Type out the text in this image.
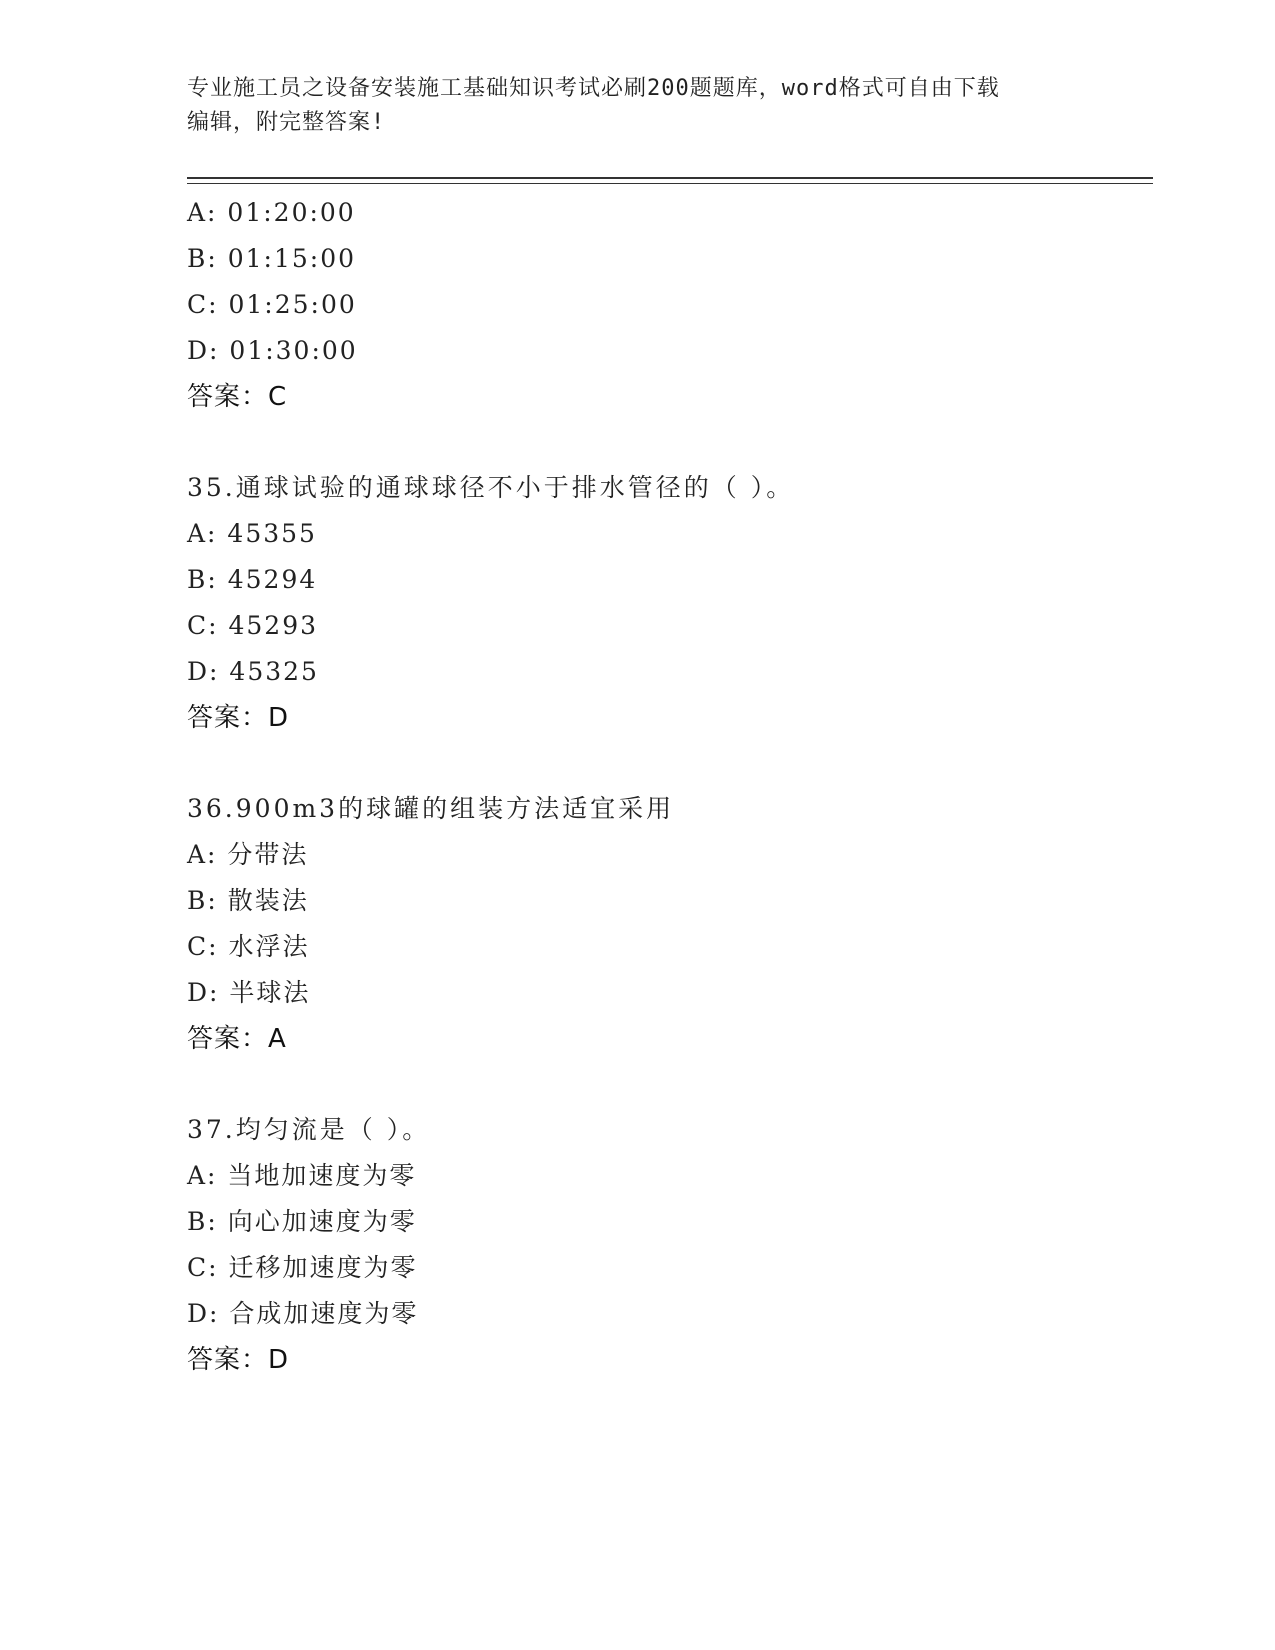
专业施工员之设备安装施工基础知识考试必刷200题题库，word格式可自由下载
编辑，附完整答案!
A: 01:20:00
B: 01:15:00
C: 01:25:00
D: 01:30:00
答案：C
35.通球试验的通球球径不小于排水管径的（ ）。
A: 45355
B: 45294
C: 45293
D: 45325
答案：D
36.900m3的球罐的组装方法适宜采用
A: 分带法
B: 散装法
C: 水浮法
D: 半球法
答案：A
37.均匀流是（ ）。
A: 当地加速度为零
B: 向心加速度为零
C: 迁移加速度为零
D: 合成加速度为零
答案：D
